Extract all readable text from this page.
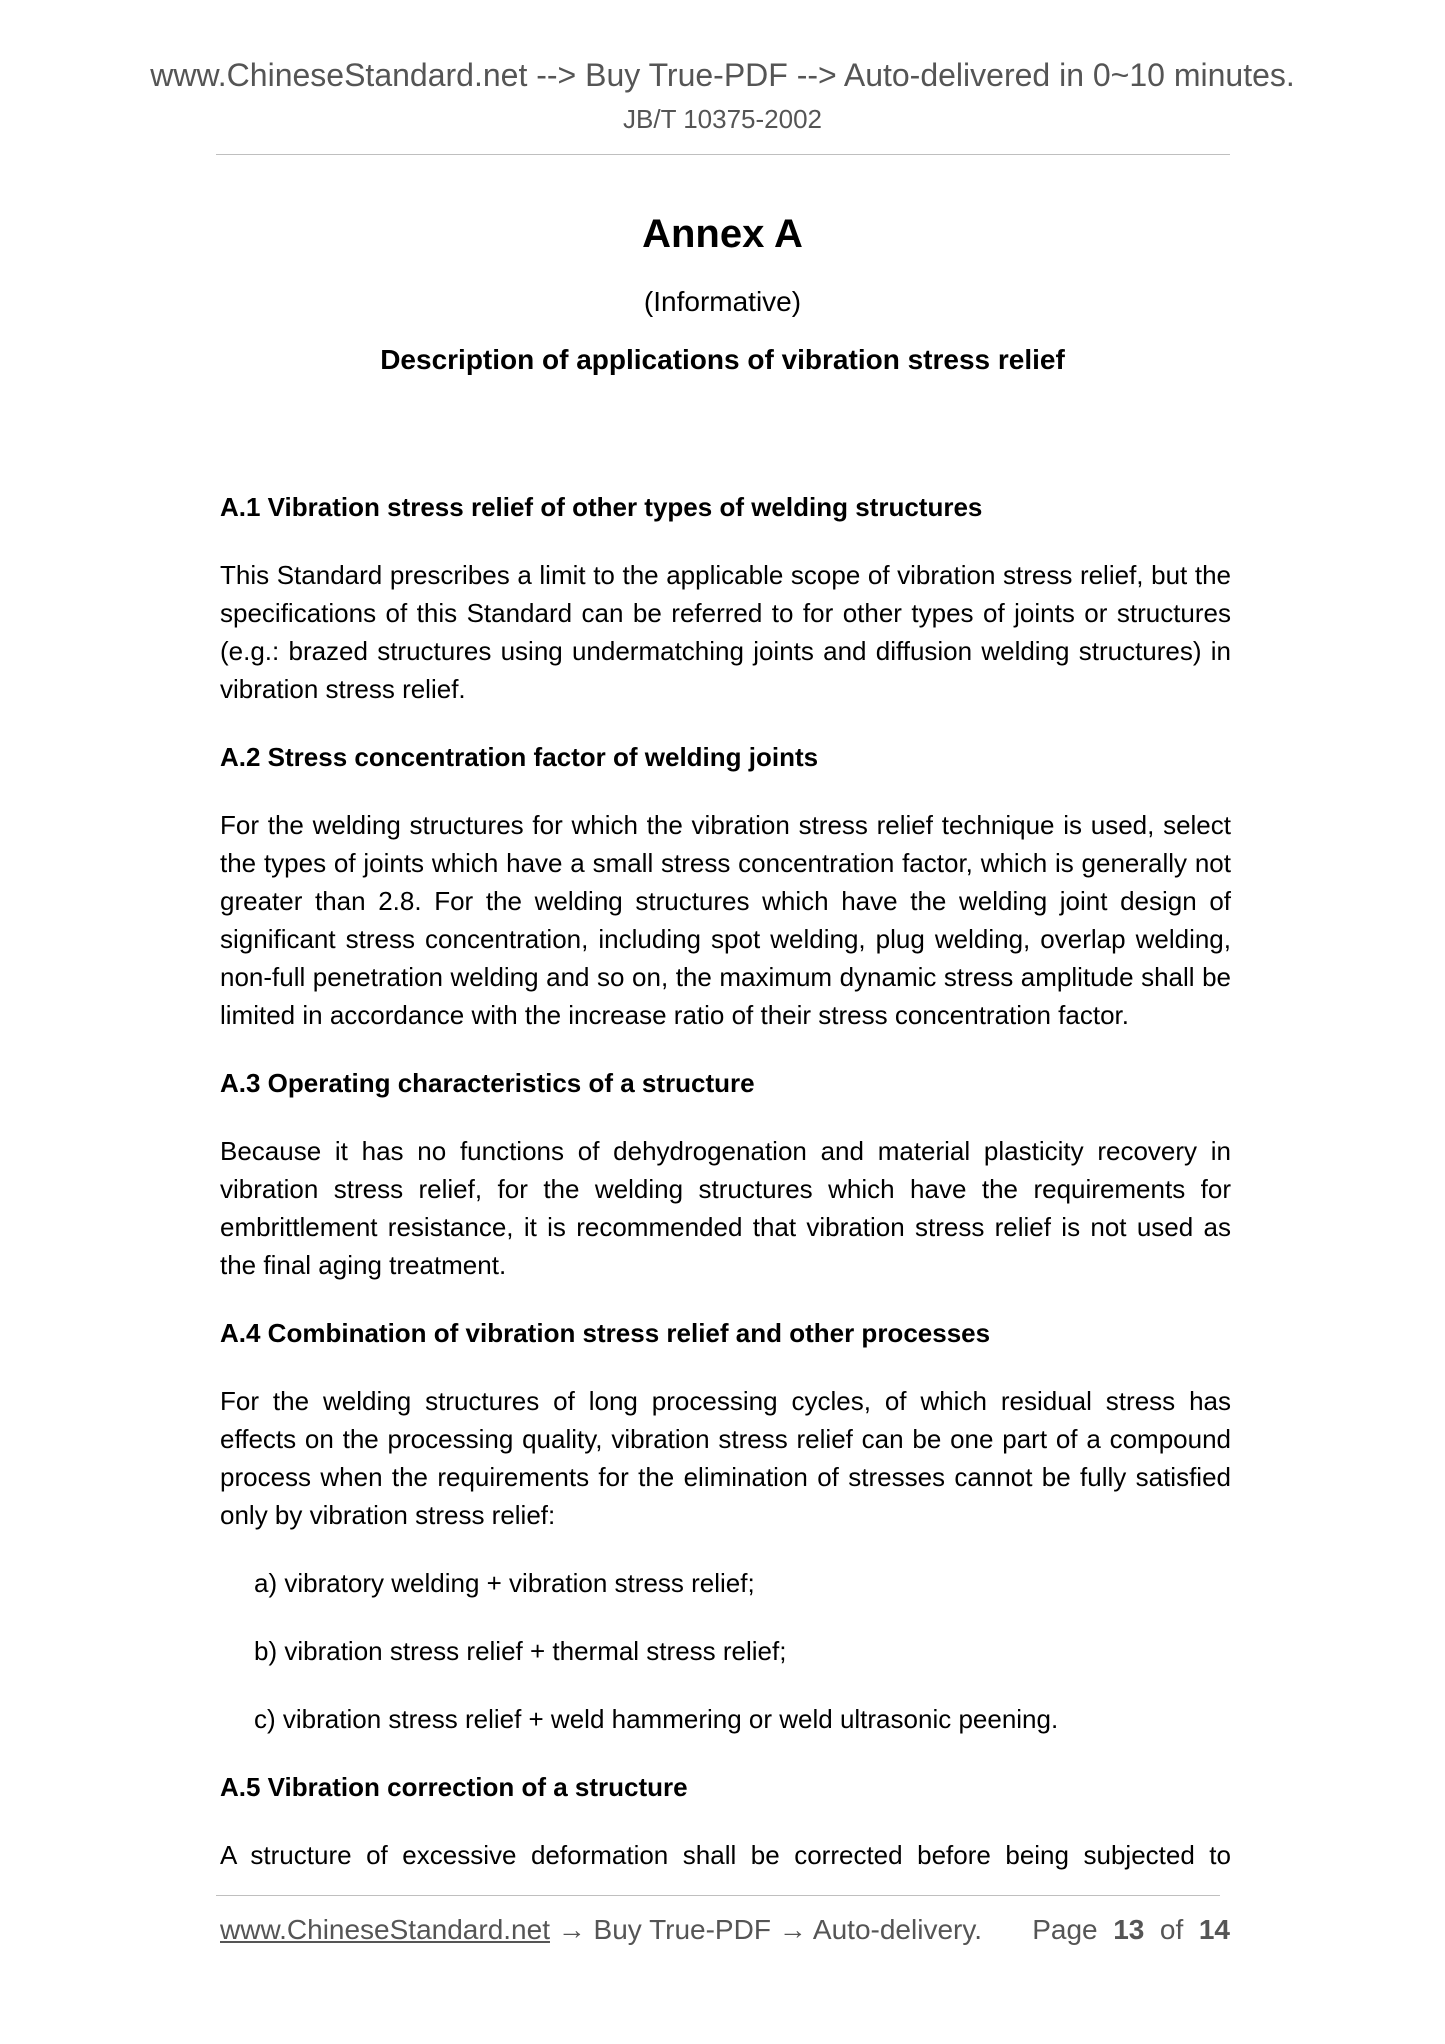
www.ChineseStandard.net --> Buy True-PDF --> Auto-delivered in 0~10 minutes.
JB/T 10375-2002
Annex A
(Informative)
Description of applications of vibration stress relief
A.1 Vibration stress relief of other types of welding structures

This Standard prescribes a limit to the applicable scope of vibration stress relief, but the specifications of this Standard can be referred to for other types of joints or structures (e.g.: brazed structures using undermatching joints and diffusion welding structures) in vibration stress relief.

A.2 Stress concentration factor of welding joints

For the welding structures for which the vibration stress relief technique is used, select the types of joints which have a small stress concentration factor, which is generally not greater than 2.8. For the welding structures which have the welding joint design of significant stress concentration, including spot welding, plug welding, overlap welding, non-full penetration welding and so on, the maximum dynamic stress amplitude shall be limited in accordance with the increase ratio of their stress concentration factor.

A.3 Operating characteristics of a structure

Because it has no functions of dehydrogenation and material plasticity recovery in vibration stress relief, for the welding structures which have the requirements for embrittlement resistance, it is recommended that vibration stress relief is not used as the final aging treatment.

A.4 Combination of vibration stress relief and other processes

For the welding structures of long processing cycles, of which residual stress has effects on the processing quality, vibration stress relief can be one part of a compound process when the requirements for the elimination of stresses cannot be fully satisfied only by vibration stress relief:

a) vibratory welding + vibration stress relief;
b) vibration stress relief + thermal stress relief;
c) vibration stress relief + weld hammering or weld ultrasonic peening.
A.5 Vibration correction of a structure

A structure of excessive deformation shall be corrected before being subjected to

www.ChineseStandard.net → Buy True-PDF → Auto-delivery. Page 13 of 14
